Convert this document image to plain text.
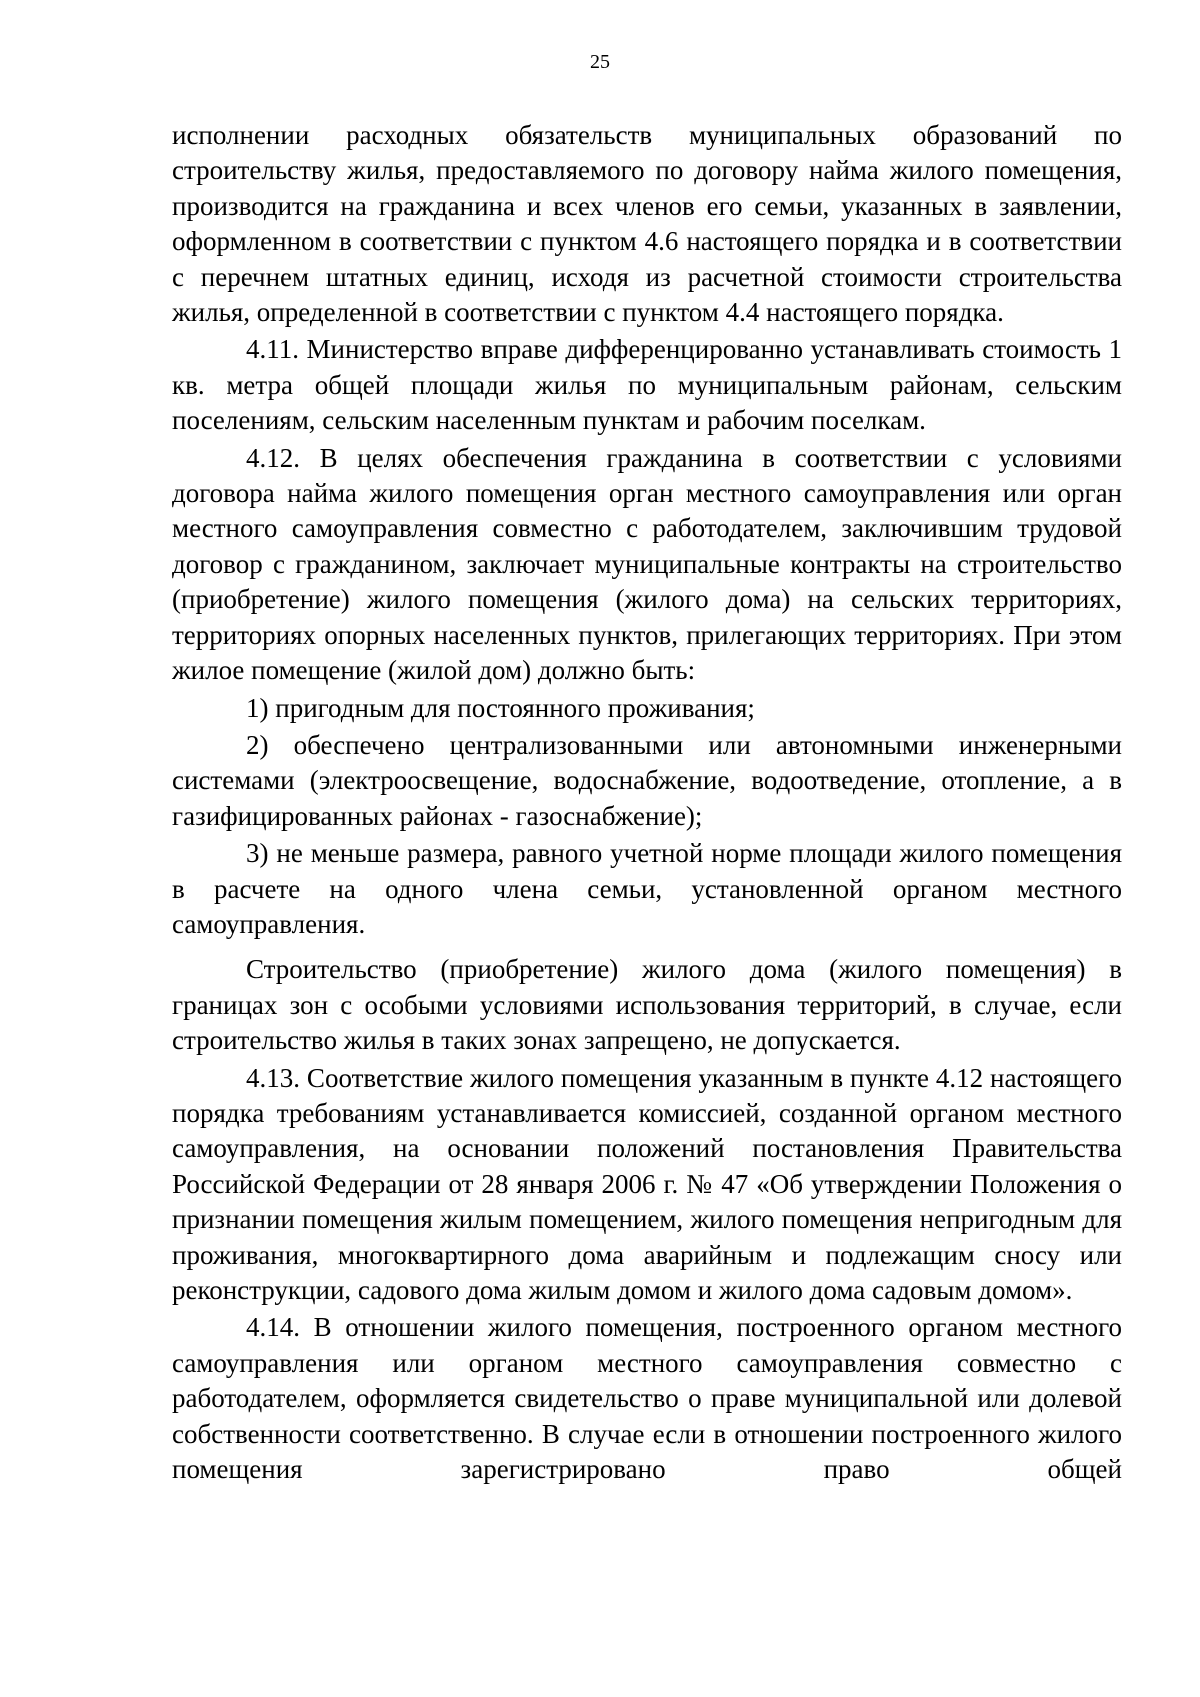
25

исполнении расходных обязательств муниципальных образований по строительству жилья, предоставляемого по договору найма жилого помещения, производится на гражданина и всех членов его семьи, указанных в заявлении, оформленном в соответствии с пунктом 4.6 настоящего порядка и в соответствии с перечнем штатных единиц, исходя из расчетной стоимости строительства жилья, определенной в соответствии с пунктом 4.4 настоящего порядка.

4.11. Министерство вправе дифференцированно устанавливать стоимость 1 кв. метра общей площади жилья по муниципальным районам, сельским поселениям, сельским населенным пунктам и рабочим поселкам.

4.12. В целях обеспечения гражданина в соответствии с условиями договора найма жилого помещения орган местного самоуправления или орган местного самоуправления совместно с работодателем, заключившим трудовой договор с гражданином, заключает муниципальные контракты на строительство (приобретение) жилого помещения (жилого дома) на сельских территориях, территориях опорных населенных пунктов, прилегающих территориях. При этом жилое помещение (жилой дом) должно быть:

1) пригодным для постоянного проживания;

2) обеспечено централизованными или автономными инженерными системами (электроосвещение, водоснабжение, водоотведение, отопление, а в газифицированных районах - газоснабжение);

3) не меньше размера, равного учетной норме площади жилого помещения в расчете на одного члена семьи, установленной органом местного самоуправления.

Строительство (приобретение) жилого дома (жилого помещения) в границах зон с особыми условиями использования территорий, в случае, если строительство жилья в таких зонах запрещено, не допускается.

4.13. Соответствие жилого помещения указанным в пункте 4.12 настоящего порядка требованиям устанавливается комиссией, созданной органом местного самоуправления, на основании положений постановления Правительства Российской Федерации от 28 января 2006 г. № 47 «Об утверждении Положения о признании помещения жилым помещением, жилого помещения непригодным для проживания, многоквартирного дома аварийным и подлежащим сносу или реконструкции, садового дома жилым домом и жилого дома садовым домом».

4.14. В отношении жилого помещения, построенного органом местного самоуправления или органом местного самоуправления совместно с работодателем, оформляется свидетельство о праве муниципальной или долевой собственности соответственно. В случае если в отношении построенного жилого помещения зарегистрировано право общей
